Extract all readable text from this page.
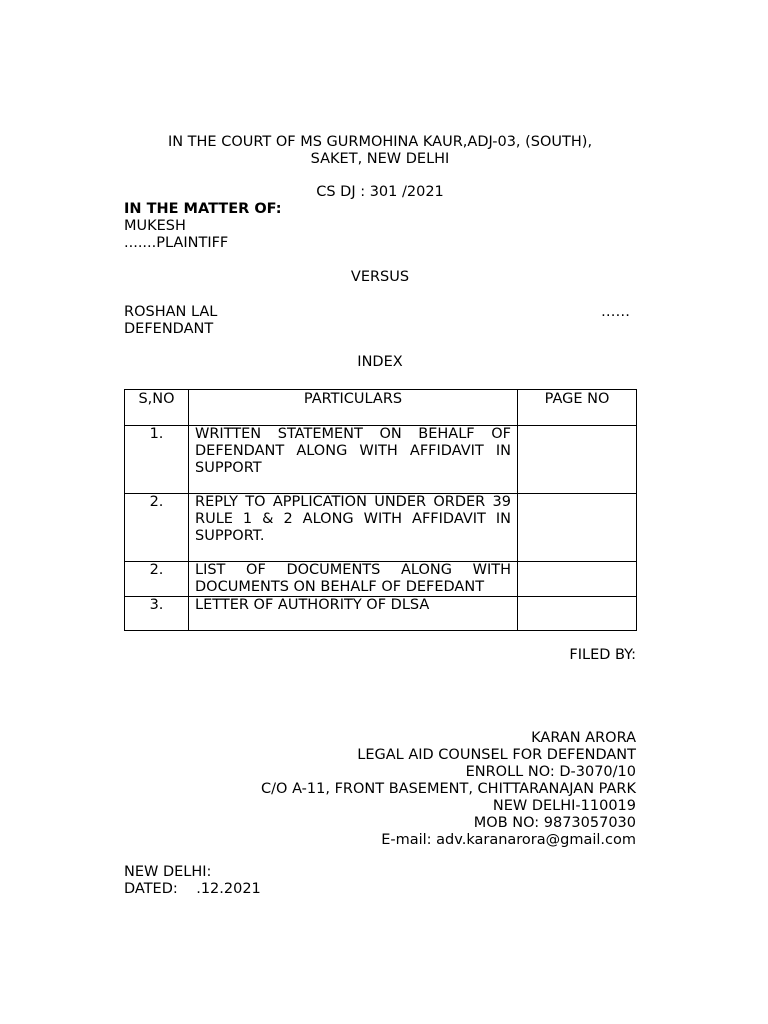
IN THE COURT OF MS GURMOHINA KAUR,ADJ-03, (SOUTH),
SAKET, NEW DELHI
CS DJ : 301 /2021
IN THE MATTER OF:
MUKESH
.......PLAINTIFF
VERSUS
ROSHAN LAL	……
DEFENDANT
INDEX
S,NO	PARTICULARS	PAGE NO
1.	WRITTEN STATEMENT ON BEHALF OF DEFENDANT ALONG WITH AFFIDAVIT IN SUPPORT	
2.	REPLY TO APPLICATION UNDER ORDER 39 RULE 1 & 2 ALONG WITH AFFIDAVIT IN SUPPORT.	
2.	LIST OF DOCUMENTS ALONG WITH DOCUMENTS ON BEHALF OF DEFEDANT	
3.	LETTER OF AUTHORITY OF DLSA	
FILED BY:
KARAN ARORA
LEGAL AID COUNSEL FOR DEFENDANT
ENROLL NO: D-3070/10
C/O A-11, FRONT BASEMENT, CHITTARANAJAN PARK
NEW DELHI-110019
MOB NO: 9873057030
E-mail: adv.karanarora@gmail.com
NEW DELHI:
DATED:    .12.2021
